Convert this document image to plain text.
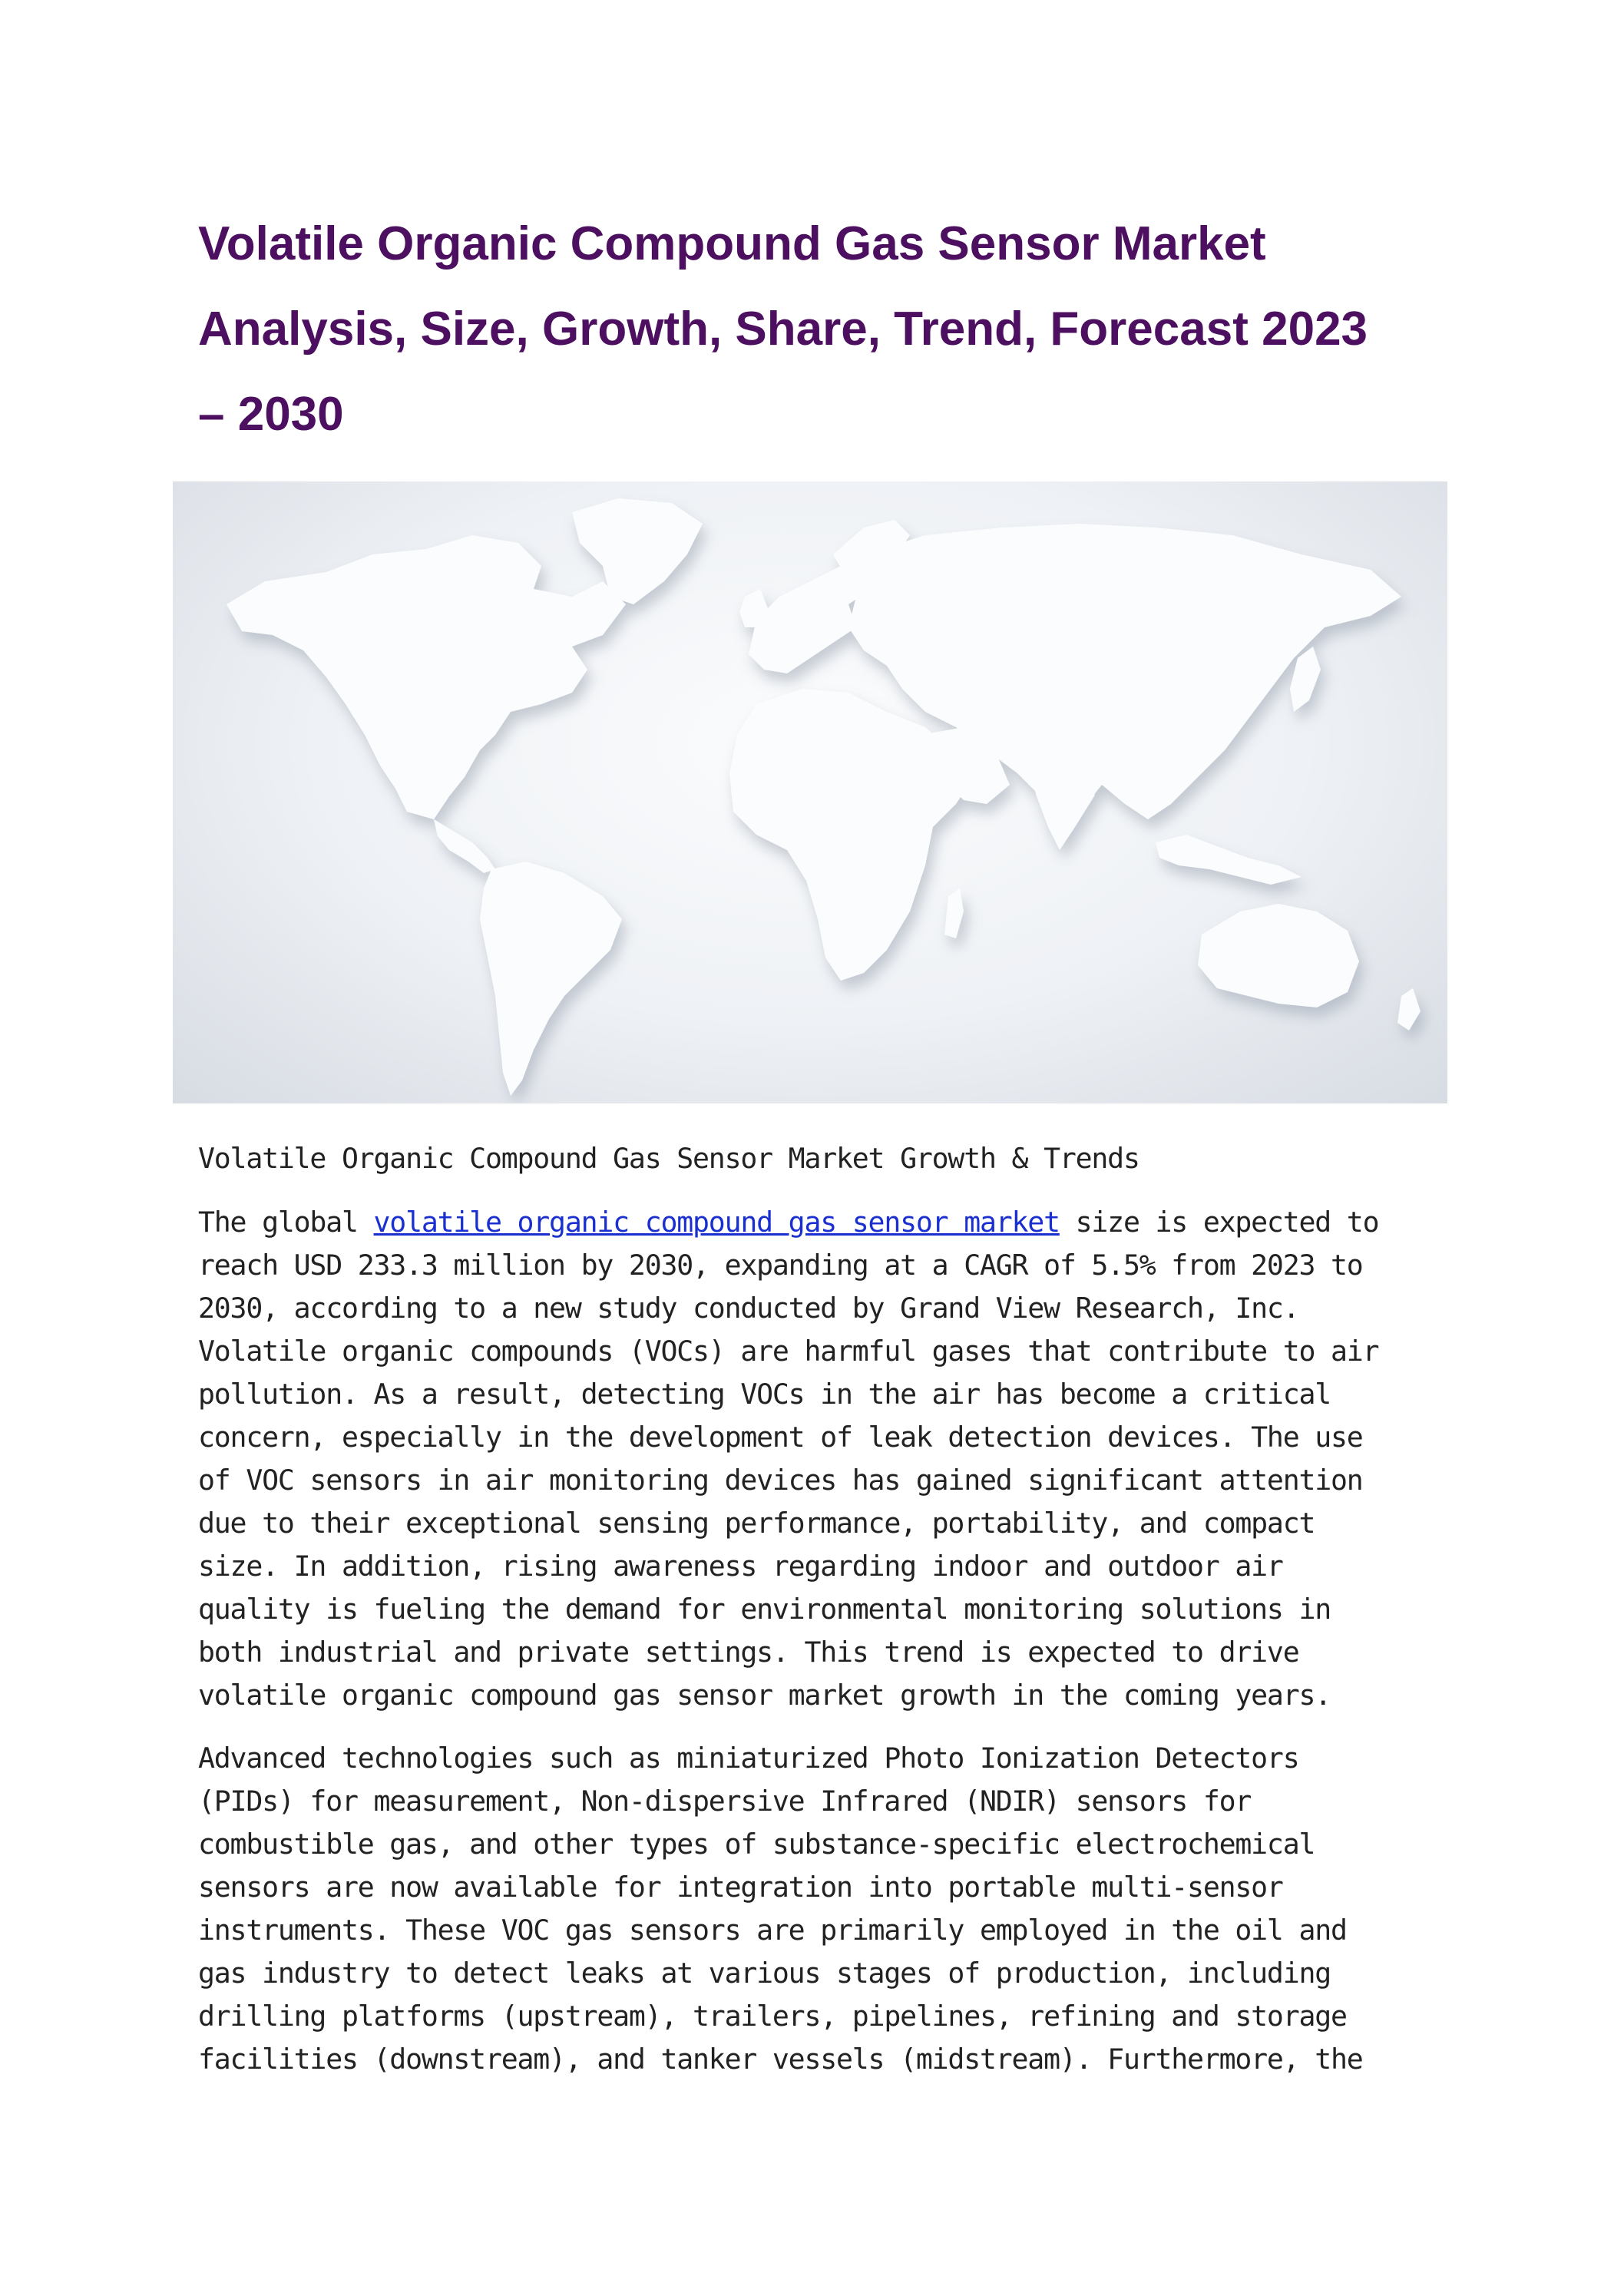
Volatile Organic Compound Gas Sensor Market
Analysis, Size, Growth, Share, Trend, Forecast 2023
– 2030
Volatile Organic Compound Gas Sensor Market Growth & Trends
The global volatile organic compound gas sensor market size is expected to
reach USD 233.3 million by 2030, expanding at a CAGR of 5.5% from 2023 to
2030, according to a new study conducted by Grand View Research, Inc.
Volatile organic compounds (VOCs) are harmful gases that contribute to air
pollution. As a result, detecting VOCs in the air has become a critical
concern, especially in the development of leak detection devices. The use
of VOC sensors in air monitoring devices has gained significant attention
due to their exceptional sensing performance, portability, and compact
size. In addition, rising awareness regarding indoor and outdoor air
quality is fueling the demand for environmental monitoring solutions in
both industrial and private settings. This trend is expected to drive
volatile organic compound gas sensor market growth in the coming years.
Advanced technologies such as miniaturized Photo Ionization Detectors
(PIDs) for measurement, Non-dispersive Infrared (NDIR) sensors for
combustible gas, and other types of substance-specific electrochemical
sensors are now available for integration into portable multi-sensor
instruments. These VOC gas sensors are primarily employed in the oil and
gas industry to detect leaks at various stages of production, including
drilling platforms (upstream), trailers, pipelines, refining and storage
facilities (downstream), and tanker vessels (midstream). Furthermore, the
